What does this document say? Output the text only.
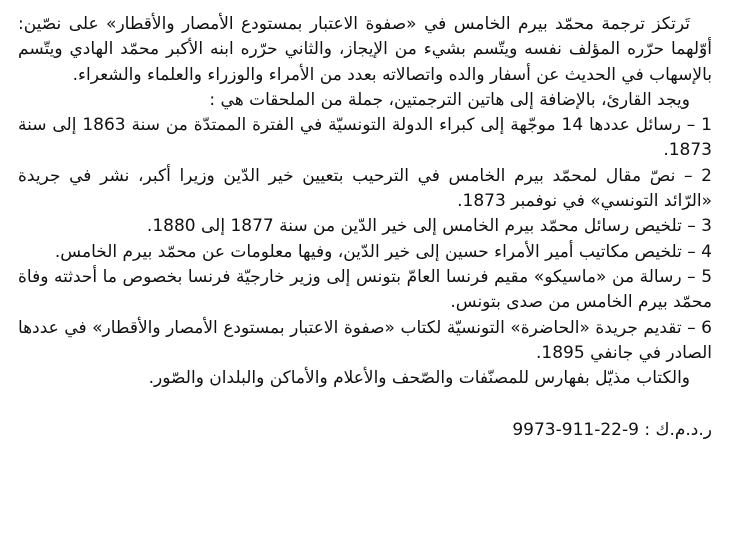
تَرتكز ترجمة محمّد بيرم الخامس في «صفوة الاعتبار بمستودع الأمصار والأقطار» على نصّين: أوّلهما حرّره المؤلف نفسه ويتّسم بشيء من الإيجاز، والثاني حرّره ابنه الأكبر محمّد الهادي ويتّسم بالإسهاب في الحديث عن أسفار والده واتصالاته بعدد من الأمراء والوزراء والعلماء والشعراء.

ويجد القارئ، بالإضافة إلى هاتين الترجمتين، جملة من الملحقات هي :

1 – رسائل عددها 14 موجّهة إلى كبراء الدولة التونسيّة في الفترة الممتدّة من سنة 1863 إلى سنة 1873.

2 – نصّ مقال لمحمّد بيرم الخامس في الترحيب بتعيين خير الدّين وزيرا أكبر، نشر في جريدة «الرّائد التونسي» في نوفمبر 1873.

3 – تلخيص رسائل محمّد بيرم الخامس إلى خير الدّين من سنة 1877 إلى 1880.

4 – تلخيص مكاتيب أمير الأمراء حسين إلى خير الدّين، وفيها معلومات عن محمّد بيرم الخامس.

5 – رسالة من «ماسيكو» مقيم فرنسا العامّ بتونس إلى وزير خارجيّة فرنسا بخصوص ما أحدثته وفاة محمّد بيرم الخامس من صدى بتونس.

6 – تقديم جريدة «الحاضرة» التونسيّة لكتاب «صفوة الاعتبار بمستودع الأمصار والأقطار» في عددها الصادر في جانفي 1895.

والكتاب مذيّل بفهارس للمصنّفات والصّحف والأعلام والأماكن والبلدان والصّور.

ر.د.م.ك : 9973-911-22-9
